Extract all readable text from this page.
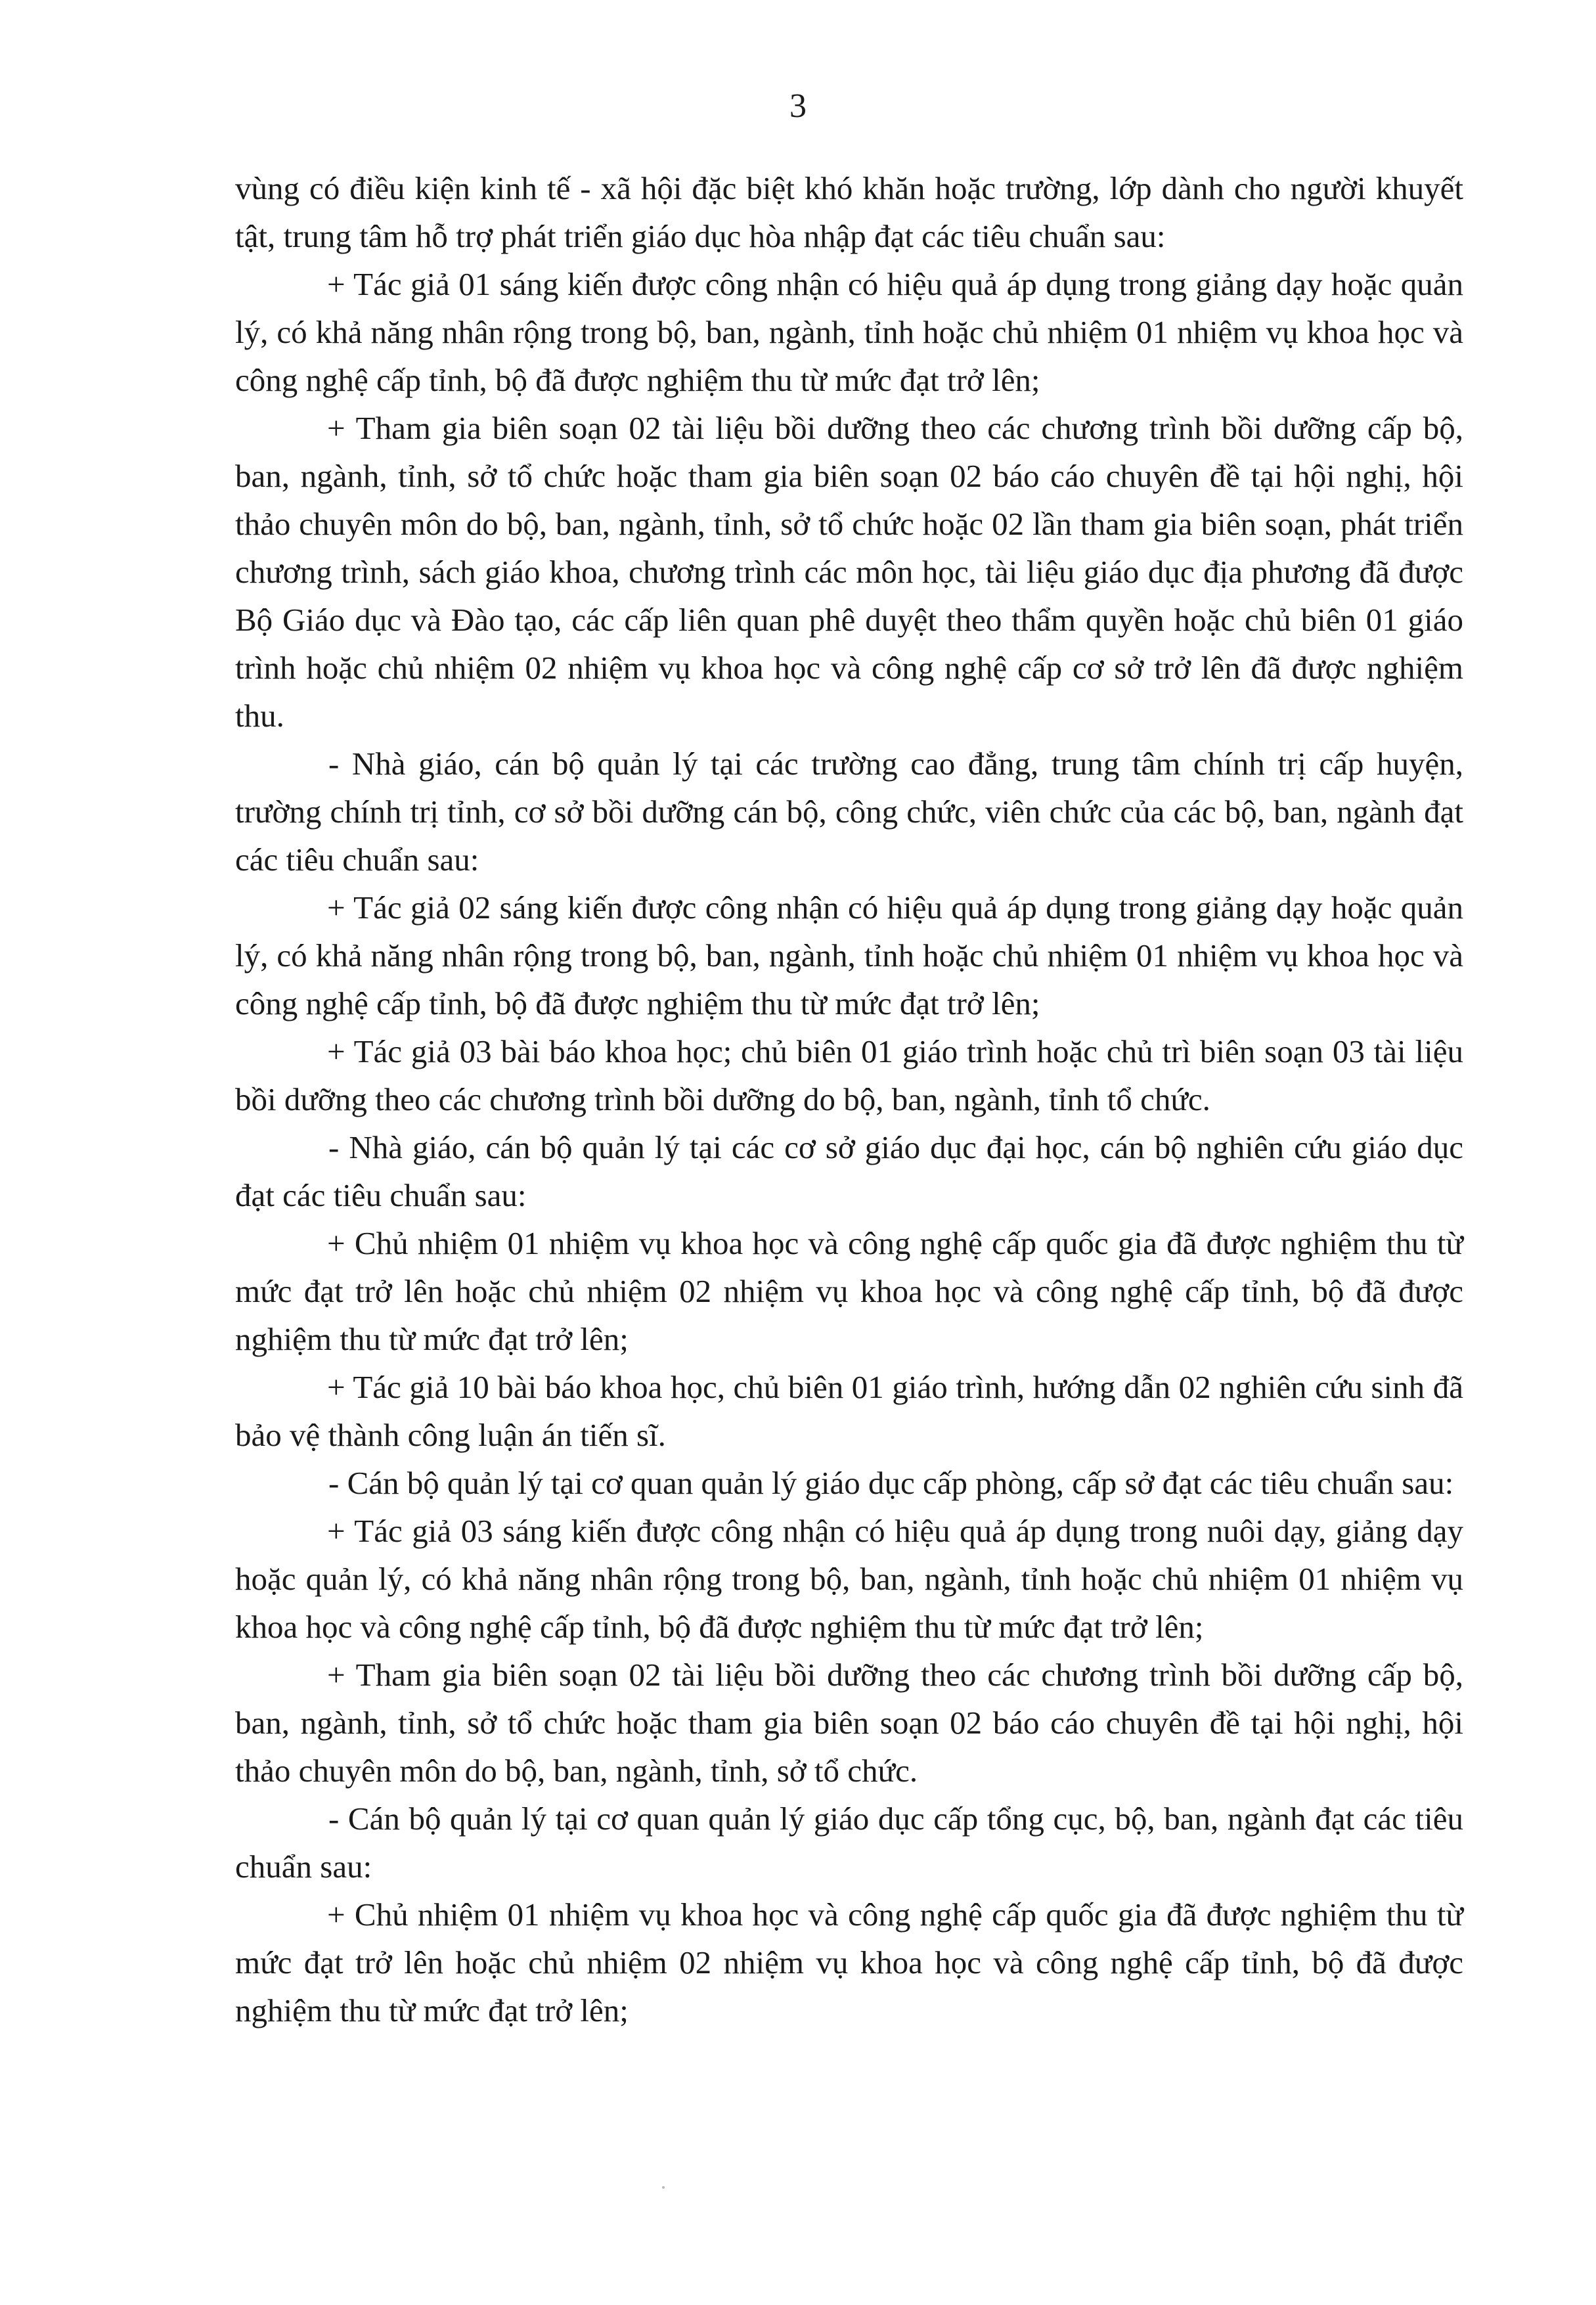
3

vùng có điều kiện kinh tế - xã hội đặc biệt khó khăn hoặc trường, lớp dành cho người khuyết tật, trung tâm hỗ trợ phát triển giáo dục hòa nhập đạt các tiêu chuẩn sau:

+ Tác giả 01 sáng kiến được công nhận có hiệu quả áp dụng trong giảng dạy hoặc quản lý, có khả năng nhân rộng trong bộ, ban, ngành, tỉnh hoặc chủ nhiệm 01 nhiệm vụ khoa học và công nghệ cấp tỉnh, bộ đã được nghiệm thu từ mức đạt trở lên;

+ Tham gia biên soạn 02 tài liệu bồi dưỡng theo các chương trình bồi dưỡng cấp bộ, ban, ngành, tỉnh, sở tổ chức hoặc tham gia biên soạn 02 báo cáo chuyên đề tại hội nghị, hội thảo chuyên môn do bộ, ban, ngành, tỉnh, sở tổ chức hoặc 02 lần tham gia biên soạn, phát triển chương trình, sách giáo khoa, chương trình các môn học, tài liệu giáo dục địa phương đã được Bộ Giáo dục và Đào tạo, các cấp liên quan phê duyệt theo thẩm quyền hoặc chủ biên 01 giáo trình hoặc chủ nhiệm 02 nhiệm vụ khoa học và công nghệ cấp cơ sở trở lên đã được nghiệm thu.

- Nhà giáo, cán bộ quản lý tại các trường cao đẳng, trung tâm chính trị cấp huyện, trường chính trị tỉnh, cơ sở bồi dưỡng cán bộ, công chức, viên chức của các bộ, ban, ngành đạt các tiêu chuẩn sau:

+ Tác giả 02 sáng kiến được công nhận có hiệu quả áp dụng trong giảng dạy hoặc quản lý, có khả năng nhân rộng trong bộ, ban, ngành, tỉnh hoặc chủ nhiệm 01 nhiệm vụ khoa học và công nghệ cấp tỉnh, bộ đã được nghiệm thu từ mức đạt trở lên;

+ Tác giả 03 bài báo khoa học; chủ biên 01 giáo trình hoặc chủ trì biên soạn 03 tài liệu bồi dưỡng theo các chương trình bồi dưỡng do bộ, ban, ngành, tỉnh tổ chức.

- Nhà giáo, cán bộ quản lý tại các cơ sở giáo dục đại học, cán bộ nghiên cứu giáo dục đạt các tiêu chuẩn sau:

+ Chủ nhiệm 01 nhiệm vụ khoa học và công nghệ cấp quốc gia đã được nghiệm thu từ mức đạt trở lên hoặc chủ nhiệm 02 nhiệm vụ khoa học và công nghệ cấp tỉnh, bộ đã được nghiệm thu từ mức đạt trở lên;

+ Tác giả 10 bài báo khoa học, chủ biên 01 giáo trình, hướng dẫn 02 nghiên cứu sinh đã bảo vệ thành công luận án tiến sĩ.

- Cán bộ quản lý tại cơ quan quản lý giáo dục cấp phòng, cấp sở đạt các tiêu chuẩn sau:

+ Tác giả 03 sáng kiến được công nhận có hiệu quả áp dụng trong nuôi dạy, giảng dạy hoặc quản lý, có khả năng nhân rộng trong bộ, ban, ngành, tỉnh hoặc chủ nhiệm 01 nhiệm vụ khoa học và công nghệ cấp tỉnh, bộ đã được nghiệm thu từ mức đạt trở lên;

+ Tham gia biên soạn 02 tài liệu bồi dưỡng theo các chương trình bồi dưỡng cấp bộ, ban, ngành, tỉnh, sở tổ chức hoặc tham gia biên soạn 02 báo cáo chuyên đề tại hội nghị, hội thảo chuyên môn do bộ, ban, ngành, tỉnh, sở tổ chức.

- Cán bộ quản lý tại cơ quan quản lý giáo dục cấp tổng cục, bộ, ban, ngành đạt các tiêu chuẩn sau:

+ Chủ nhiệm 01 nhiệm vụ khoa học và công nghệ cấp quốc gia đã được nghiệm thu từ mức đạt trở lên hoặc chủ nhiệm 02 nhiệm vụ khoa học và công nghệ cấp tỉnh, bộ đã được nghiệm thu từ mức đạt trở lên;
